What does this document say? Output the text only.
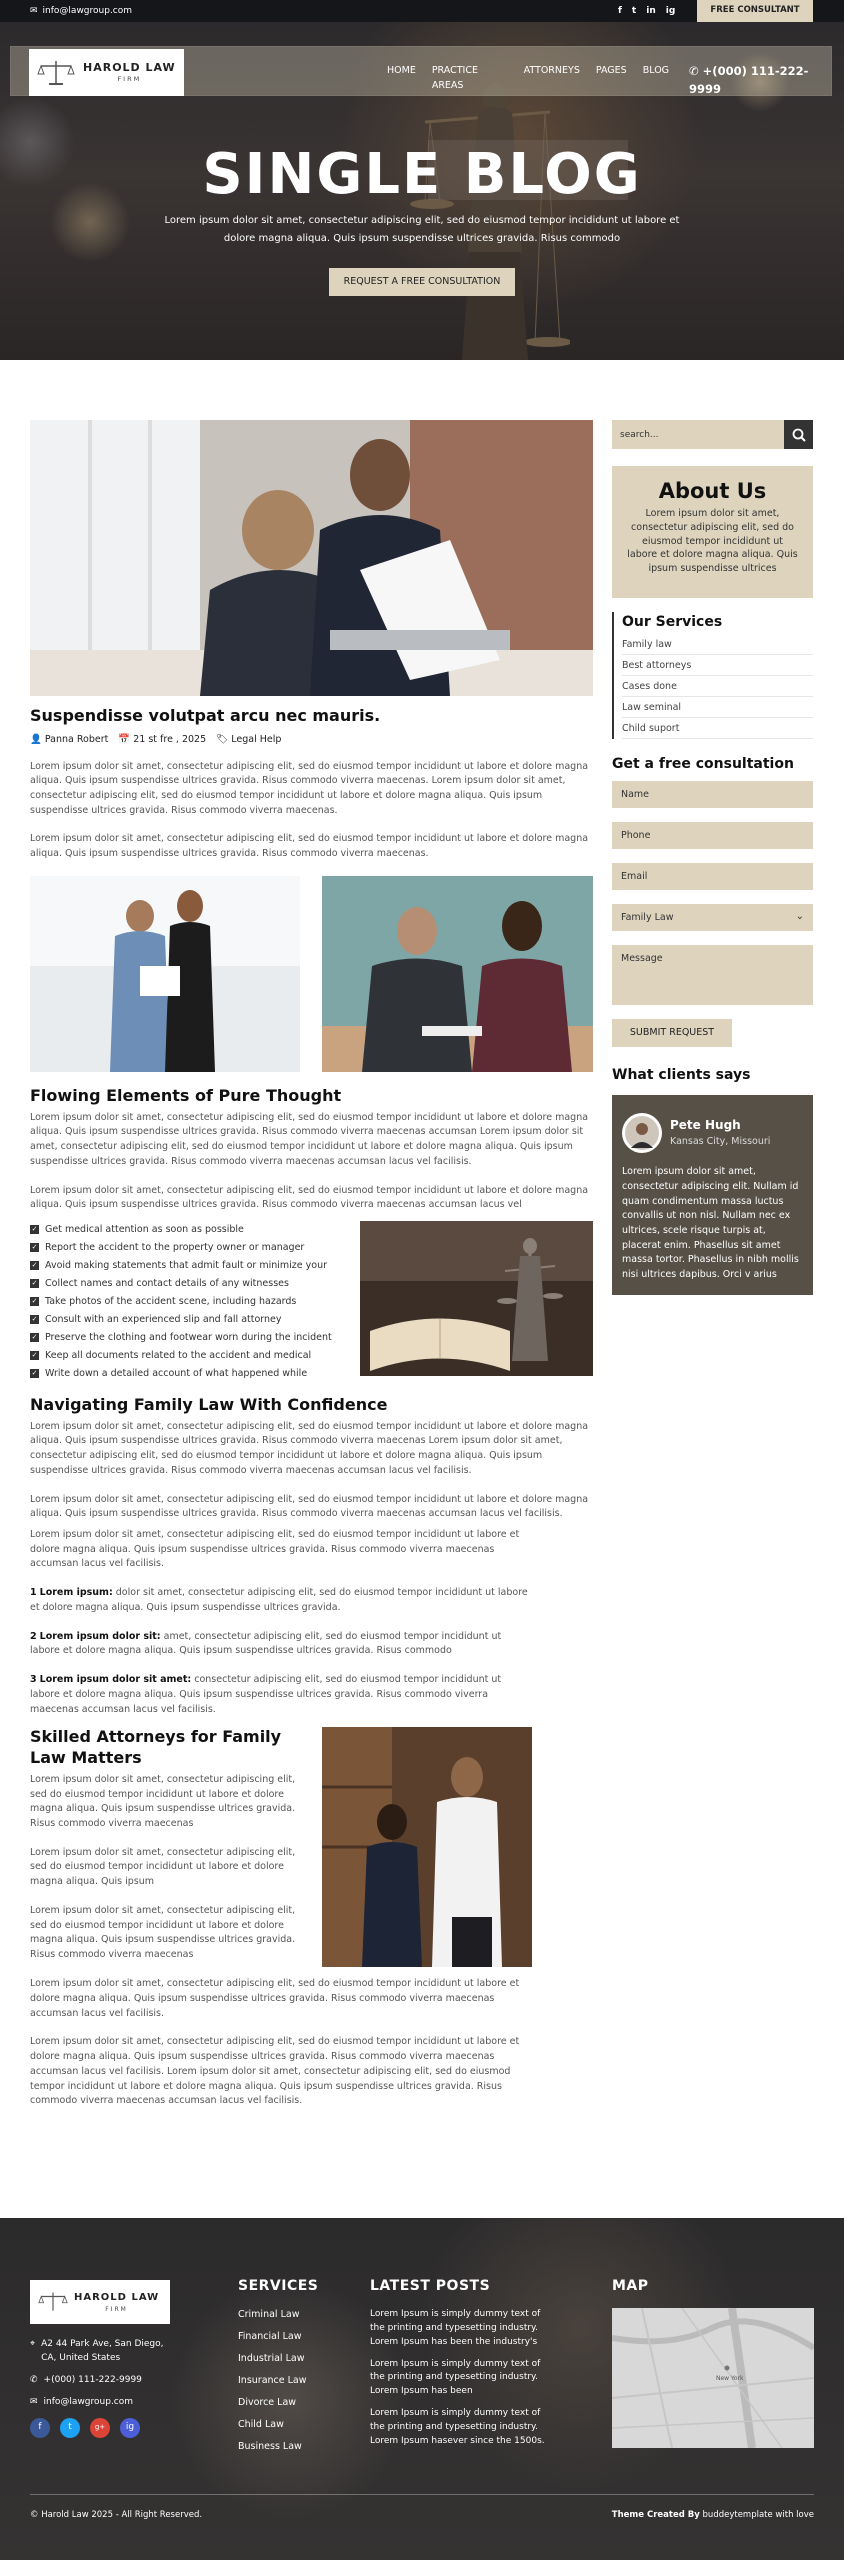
✉ info@lawgroup.com	f t in ig	FREE CONSULTANT
HAROLD LAW
FIRM
HOME PRACTICE AREAS
ATTORNEYS PAGES BLOG ✆ +(000) 111-222-9999
SINGLE BLOG
Lorem ipsum dolor sit amet, consectetur adipiscing elit, sed do eiusmod tempor incididunt ut labore et dolore magna aliqua. Quis ipsum suspendisse ultrices gravida. Risus commodo
REQUEST A FREE CONSULTATION
Suspendisse volutpat arcu nec mauris.
👤 Panna Robert 📅 21 st fre , 2025 🏷 Legal Help

Lorem ipsum dolor sit amet, consectetur adipiscing elit, sed do eiusmod tempor incididunt ut labore et dolore magna aliqua. Quis ipsum suspendisse ultrices gravida. Risus commodo viverra maecenas. Lorem ipsum dolor sit amet, consectetur adipiscing elit, sed do eiusmod tempor incididunt ut labore et dolore magna aliqua. Quis ipsum suspendisse ultrices gravida. Risus commodo viverra maecenas.

Lorem ipsum dolor sit amet, consectetur adipiscing elit, sed do eiusmod tempor incididunt ut labore et dolore magna aliqua. Quis ipsum suspendisse ultrices gravida. Risus commodo viverra maecenas.

Flowing Elements of Pure Thought

Lorem ipsum dolor sit amet, consectetur adipiscing elit, sed do eiusmod tempor incididunt ut labore et dolore magna aliqua. Quis ipsum suspendisse ultrices gravida. Risus commodo viverra maecenas accumsan Lorem ipsum dolor sit amet, consectetur adipiscing elit, sed do eiusmod tempor incididunt ut labore et dolore magna aliqua. Quis ipsum suspendisse ultrices gravida. Risus commodo viverra maecenas accumsan lacus vel facilisis.

Lorem ipsum dolor sit amet, consectetur adipiscing elit, sed do eiusmod tempor incididunt ut labore et dolore magna aliqua. Quis ipsum suspendisse ultrices gravida. Risus commodo viverra maecenas accumsan lacus vel

✓ Get medical attention as soon as possible
✓ Report the accident to the property owner or manager
✓ Avoid making statements that admit fault or minimize your
✓ Collect names and contact details of any witnesses
✓ Take photos of the accident scene, including hazards
✓ Consult with an experienced slip and fall attorney
✓ Preserve the clothing and footwear worn during the incident
✓ Keep all documents related to the accident and medical
✓ Write down a detailed account of what happened while
Navigating Family Law With Confidence

Lorem ipsum dolor sit amet, consectetur adipiscing elit, sed do eiusmod tempor incididunt ut labore et dolore magna aliqua. Quis ipsum suspendisse ultrices gravida. Risus commodo viverra maecenas Lorem ipsum dolor sit amet, consectetur adipiscing elit, sed do eiusmod tempor incididunt ut labore et dolore magna aliqua. Quis ipsum suspendisse ultrices gravida. Risus commodo viverra maecenas accumsan lacus vel facilisis.

Lorem ipsum dolor sit amet, consectetur adipiscing elit, sed do eiusmod tempor incididunt ut labore et dolore magna aliqua. Quis ipsum suspendisse ultrices gravida. Risus commodo viverra maecenas accumsan lacus vel facilisis.

Lorem ipsum dolor sit amet, consectetur adipiscing elit, sed do eiusmod tempor incididunt ut labore et dolore magna aliqua. Quis ipsum suspendisse ultrices gravida. Risus commodo viverra maecenas accumsan lacus vel facilisis.

1 Lorem ipsum: dolor sit amet, consectetur adipiscing elit, sed do eiusmod tempor incididunt ut labore et dolore magna aliqua. Quis ipsum suspendisse ultrices gravida.

2 Lorem ipsum dolor sit: amet, consectetur adipiscing elit, sed do eiusmod tempor incididunt ut labore et dolore magna aliqua. Quis ipsum suspendisse ultrices gravida. Risus commodo

3 Lorem ipsum dolor sit amet: consectetur adipiscing elit, sed do eiusmod tempor incididunt ut labore et dolore magna aliqua. Quis ipsum suspendisse ultrices gravida. Risus commodo viverra maecenas accumsan lacus vel facilisis.

Skilled Attorneys for Family Law Matters

Lorem ipsum dolor sit amet, consectetur adipiscing elit, sed do eiusmod tempor incididunt ut labore et dolore magna aliqua. Quis ipsum suspendisse ultrices gravida. Risus commodo viverra maecenas

Lorem ipsum dolor sit amet, consectetur adipiscing elit, sed do eiusmod tempor incididunt ut labore et dolore magna aliqua. Quis ipsum

Lorem ipsum dolor sit amet, consectetur adipiscing elit, sed do eiusmod tempor incididunt ut labore et dolore magna aliqua. Quis ipsum suspendisse ultrices gravida. Risus commodo viverra maecenas

Lorem ipsum dolor sit amet, consectetur adipiscing elit, sed do eiusmod tempor incididunt ut labore et dolore magna aliqua. Quis ipsum suspendisse ultrices gravida. Risus commodo viverra maecenas accumsan lacus vel facilisis.

Lorem ipsum dolor sit amet, consectetur adipiscing elit, sed do eiusmod tempor incididunt ut labore et dolore magna aliqua. Quis ipsum suspendisse ultrices gravida. Risus commodo viverra maecenas accumsan lacus vel facilisis. Lorem ipsum dolor sit amet, consectetur adipiscing elit, sed do eiusmod tempor incididunt ut labore et dolore magna aliqua. Quis ipsum suspendisse ultrices gravida. Risus commodo viverra maecenas accumsan lacus vel facilisis.

search...
About Us

Lorem ipsum dolor sit amet, consectetur adipiscing elit, sed do eiusmod tempor incididunt ut labore et dolore magna aliqua. Quis ipsum suspendisse ultrices

Our Services
Family law
Best attorneys
Cases done
Law seminal
Child suport
Get a free consultation
Name
Phone
Email
Family Law	⌄
Message
SUBMIT REQUEST
What clients says
Pete Hugh
Kansas City, Missouri

Lorem ipsum dolor sit amet, consectetur adipiscing elit. Nullam id quam condimentum massa luctus convallis ut non nisl. Nullam nec ex ultrices, scele risque turpis at, placerat enim. Phasellus sit amet massa tortor. Phasellus in nibh mollis nisi ultrices dapibus. Orci v arius

HAROLD LAW
FIRM
⌖ A2 44 Park Ave, San Diego, CA, United States
✆ +(000) 111-222-9999
✉ info@lawgroup.com
f	t	g+	ig
SERVICES
Criminal Law
Financial Law
Industrial Law
Insurance Law
Divorce Law
Child Law
Business Law
LATEST POSTS
Lorem Ipsum is simply dummy text of the printing and typesetting industry. Lorem Ipsum has been the industry's
Lorem Ipsum is simply dummy text of the printing and typesetting industry. Lorem Ipsum has been
Lorem Ipsum is simply dummy text of the printing and typesetting industry. Lorem Ipsum hasever since the 1500s.
MAP
New York
© Harold Law 2025 - All Right Reserved.	Theme Created By buddeytemplate with love
